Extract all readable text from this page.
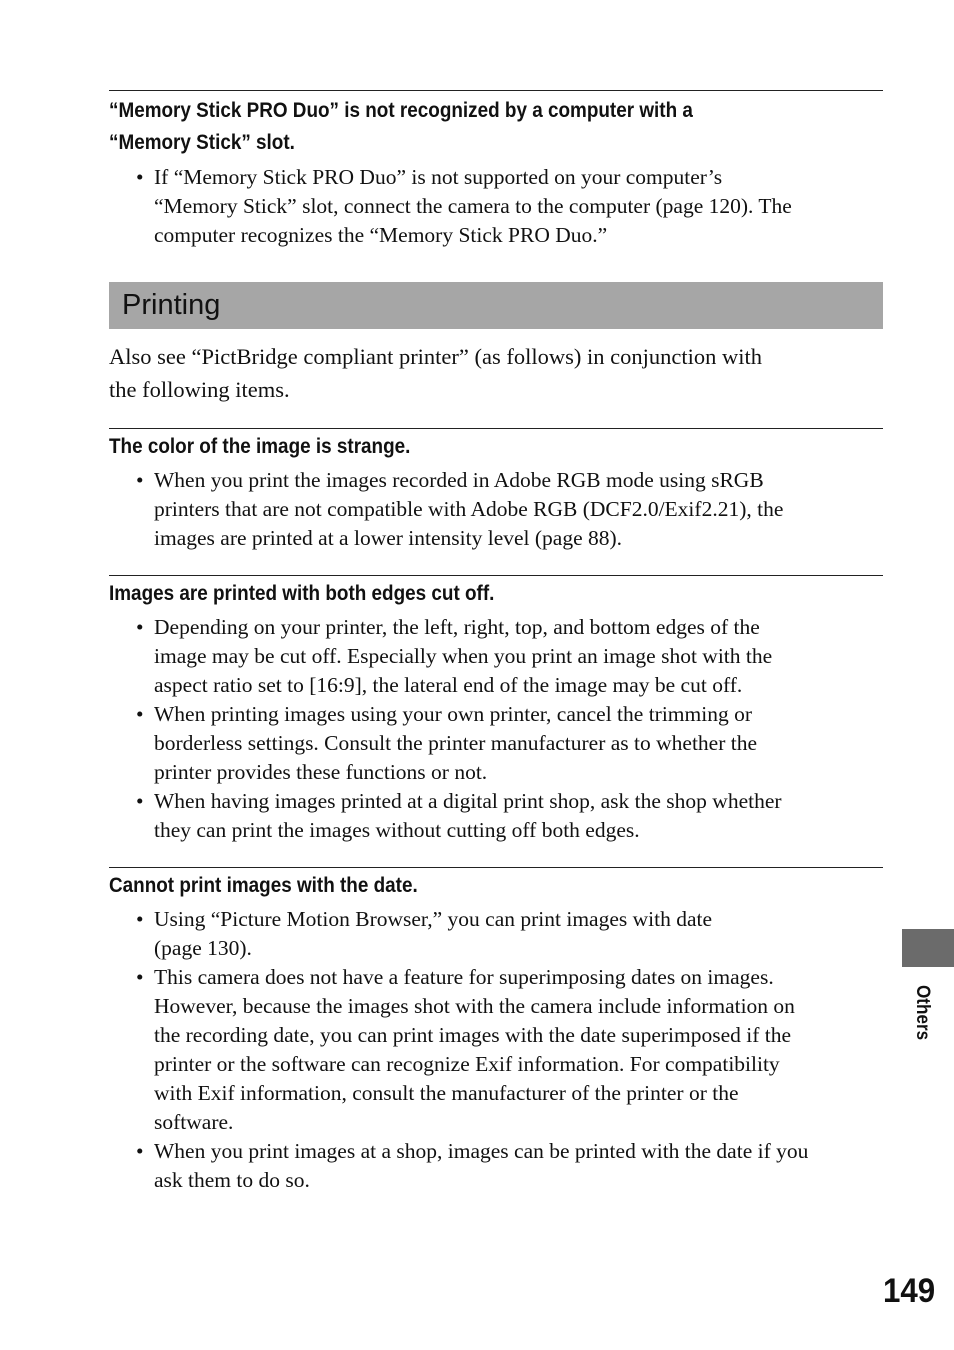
“Memory Stick PRO Duo” is not recognized by a computer with a
“Memory Stick” slot.
• If “Memory Stick PRO Duo” is not supported on your computer’s
“Memory Stick” slot, connect the camera to the computer (page 120). The
computer recognizes the “Memory Stick PRO Duo.”
Printing
Also see “PictBridge compliant printer” (as follows) in conjunction with
the following items.
The color of the image is strange.
• When you print the images recorded in Adobe RGB mode using sRGB
printers that are not compatible with Adobe RGB (DCF2.0/Exif2.21), the
images are printed at a lower intensity level (page 88).
Images are printed with both edges cut off.
• Depending on your printer, the left, right, top, and bottom edges of the
image may be cut off. Especially when you print an image shot with the
aspect ratio set to [16:9], the lateral end of the image may be cut off.
• When printing images using your own printer, cancel the trimming or
borderless settings. Consult the printer manufacturer as to whether the
printer provides these functions or not.
• When having images printed at a digital print shop, ask the shop whether
they can print the images without cutting off both edges.
Cannot print images with the date.
• Using “Picture Motion Browser,” you can print images with date
(page 130).
• This camera does not have a feature for superimposing dates on images.
However, because the images shot with the camera include information on
the recording date, you can print images with the date superimposed if the
printer or the software can recognize Exif information. For compatibility
with Exif information, consult the manufacturer of the printer or the
software.
• When you print images at a shop, images can be printed with the date if you
ask them to do so.
Others
149
